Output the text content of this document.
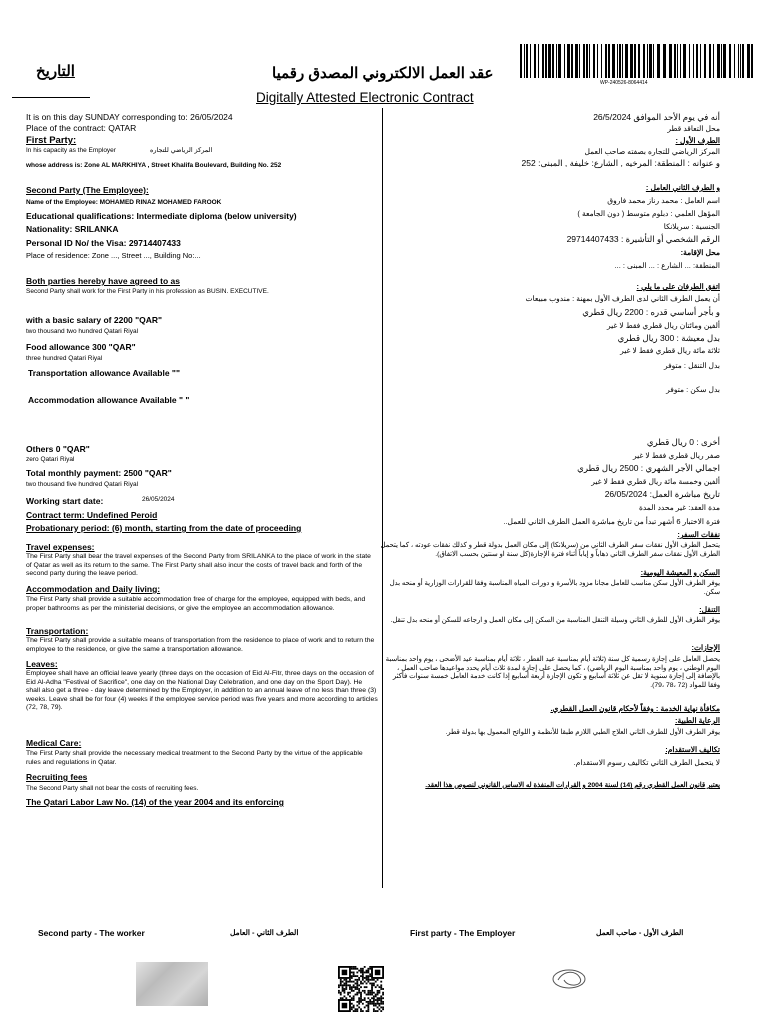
التاريخ	عقد العمل الالكتروني المصدق رقميا
Digitally Attested Electronic Contract
WP-240526-8064414
It is on this day SUNDAY corresponding to: 26/05/2024
Place of the contract: QATAR
First Party:
In his capacity as the Employer	المركز الرياضي للتجاره
whose address is: Zone AL MARKHIYA , Street Khalifa Boulevard, Building No. 252
Second Party (The Employee):
Name of the Employee: MOHAMED RINAZ MOHAMED FAROOK
Educational qualifications: Intermediate diploma (below university)
Nationality: SRILANKA
Personal ID No/ the Visa: 29714407433
Place of residence: Zone ..., Street ..., Building No:...
Both parties hereby have agreed to as
Second Party shall work for the First Party in his profession as BUSIN. EXECUTIVE.
with a basic salary of 2200 "QAR"
two thousand two hundred Qatari Riyal
Food allowance 300 "QAR"
three hundred Qatari Riyal
Transportation allowance Available ""
Accommodation allowance Available " "
Others 0 "QAR"
zero Qatari Riyal
Total monthly payment: 2500 "QAR"
two thousand five hundred Qatari Riyal
Working start date:	26/05/2024
Contract term: Undefined Peroid
Probationary period: (6) month, starting from the date of proceeding
Travel expenses:
The First Party shall bear the travel expenses of the Second Party from SRILANKA to the place of work in the state of Qatar as well as its return to the same. The First Party shall also incur the costs of travel back and forth of the second party during the leave period.
Accommodation and Daily living:
The First Party shall provide a suitable accommodation free of charge for the employee, equipped with beds, and proper bathrooms as per the ministerial decisions, or give the employee an accommodation allowance.
Transportation:
The First Party shall provide a suitable means of transportation from the residence to place of work and to return the employee to the residence, or give the same a transportation allowance.
Leaves:
Employee shall have an official leave yearly (three days on the occasion of Eid Al-Fitr, three days on the occasion of Eid Al-Adha "Festival of Sacrifice", one day on the National Day Celebration, and one day on the Sport Day). He shall also get a three - day leave determined by the Employer, in addition to an annual leave of no less than three (3) weeks. Leave shall be for four (4) weeks if the employee service period was five years and more according to articles (72, 78, 79).
Medical Care:
The First Party shall provide the necessary medical treatment to the Second Party by the virtue of the applicable rules and regulations in Qatar.
Recruiting fees
The Second Party shall not bear the costs of recruiting fees.
The Qatari Labor Law No. (14) of the year 2004 and its enforcing
أنه في يوم الأحد الموافق 26/5/2024
محل التعاقد قطر
الطرف الأول :
المركز الرياضي للتجاره بصفته صاحب العمل
و عنوانه : المنطقة: المرخيه , الشارع: خليفة , المبنى: 252
و الطرف الثاني العامل :
اسم العامل : محمد رناز محمد فاروق
المؤهل العلمي : دبلوم متوسط ( دون الجامعة )
الجنسية : سريلانكا
الرقم الشخصي أو التأشيرة : 29714407433
محل الإقامة:
المنطقة: ... الشارع : ... المبنى : ...
اتفق الطرفان على ما يلي :
أن يعمل الطرف الثاني لدى الطرف الأول بمهنة : مندوب مبيعات
و بأجر أساسي قدره : 2200 ريال قطري
ألفين ومائتان ريال قطري فقط لا غير
بدل معيشة : 300 ريال قطري
ثلاثة مائة ريال قطري فقط لا غير
بدل التنقل : متوفر
بدل سكن : متوفر
أخرى : 0 ريال قطري
صفر ريال قطري فقط لا غير
اجمالي الأجر الشهري : 2500 ريال قطري
ألفين وخمسة مائة ريال قطري فقط لا غير
تاريخ مباشرة العمل: 26/05/2024
مدة العقد: غير محدد المدة
فترة الاختبار 6 أشهر تبدأ من تاريخ مباشرة العمل الطرف الثاني للعمل..
نفقات السفر:
يتحمل الطرف الأول نفقات سفر الطرف الثاني من (سريلانكا) إلى مكان العمل بدولة قطر و كذلك نفقات عودته ، كما يتحمل الطرف الأول نفقات سفر الطرف الثاني ذهاباً و إياباً أثناء فترة الإجازة(كل سنة او سنتين بحسب الاتفاق).
السكن و المعيشة اليومية:
يوفر الطرف الأول سكن مناسب للعامل مجانا مزود بالأسرة و دورات المياه المناسبة وفقا للقرارات الوزارية أو منحه بدل سكن.
التنقل:
يوفر الطرف الأول للطرف الثاني وسيلة التنقل المناسبة من السكن إلى مكان العمل و ارجاعه للسكن أو منحه بدل تنقل.
الإجازات:
يحصل العامل على إجازة رسمية كل سنة (ثلاثة أيام بمناسبة عيد الفطر ، ثلاثة أيام بمناسبة عيد الأضحى ، يوم واحد بمناسبة اليوم الوطني ، يوم واحد بمناسبة اليوم الرياضي) ، كما يحصل على إجازة لمدة ثلاث أيام يحدد مواعيدها صاحب العمل ، بالإضافة إلى إجازة سنوية لا تقل عن ثلاثة أسابيع و تكون الإجازة أربعة أسابيع إذا كانت خدمة العامل خمسة سنوات فأكثر وفقا للمواد (72 ،78 ،79).
مكافأة نهاية الخدمة : وفقاً لأحكام قانون العمل القطري.
الرعاية الطبية:
يوفر الطرف الأول للطرف الثاني العلاج الطبي اللازم طبقا للأنظمة و اللوائح المعمول بها بدولة قطر.
تكاليف الاستقدام:
لا يتحمل الطرف الثاني تكاليف رسوم الاستقدام.
يعتبر قانون العمل القطري رقم (14) لسنة 2004 و القرارات المنفذة له الاساس القانوني لنصوص هذا العقد.
Second party - The worker	الطرف الثاني - العامل	First party - The Employer	الطرف الأول - صاحب العمل
